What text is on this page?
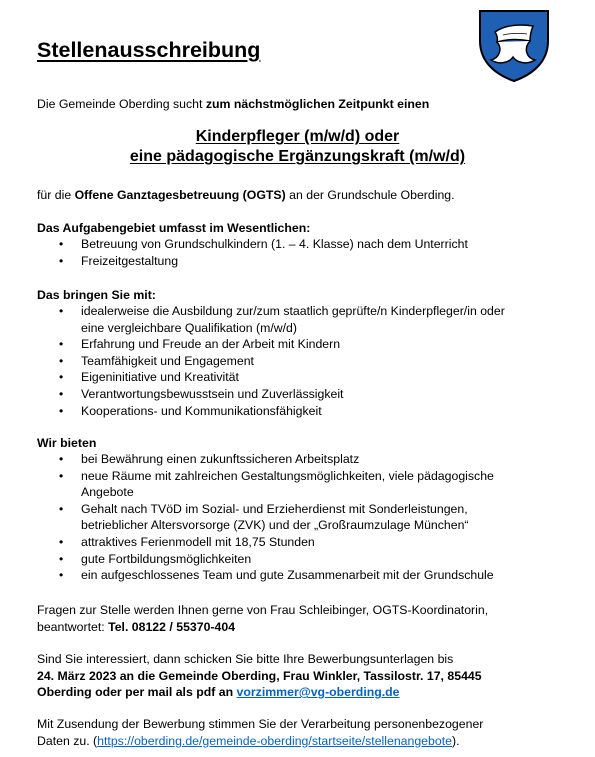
Stellenausschreibung

Die Gemeinde Oberding sucht zum nächstmöglichen Zeitpunkt einen

Kinderpfleger (m/w/d) oder

eine pädagogische Ergänzungskraft (m/w/d)

für die Offene Ganztagesbetreuung (OGTS) an der Grundschule Oberding.

Das Aufgabengebiet umfasst im Wesentlichen:

• Betreuung von Grundschulkindern (1. – 4. Klasse) nach dem Unterricht
• Freizeitgestaltung

Das bringen Sie mit:

• idealerweise die Ausbildung zur/zum staatlich geprüfte/n Kinderpfleger/in oder
eine vergleichbare Qualifikation (m/w/d)
• Erfahrung und Freude an der Arbeit mit Kindern
• Teamfähigkeit und Engagement
• Eigeninitiative und Kreativität
• Verantwortungsbewusstsein und Zuverlässigkeit
• Kooperations- und Kommunikationsfähigkeit

Wir bieten

• bei Bewährung einen zukunftssicheren Arbeitsplatz
• neue Räume mit zahlreichen Gestaltungsmöglichkeiten, viele pädagogische
Angebote
• Gehalt nach TVöD im Sozial- und Erzieherdienst mit Sonderleistungen,
betrieblicher Altersvorsorge (ZVK) und der „Großraumzulage München“
• attraktives Ferienmodell mit 18,75 Stunden
• gute Fortbildungsmöglichkeiten
• ein aufgeschlossenes Team und gute Zusammenarbeit mit der Grundschule

Fragen zur Stelle werden Ihnen gerne von Frau Schleibinger, OGTS-Koordinatorin,
beantwortet: Tel. 08122 / 55370-404

Sind Sie interessiert, dann schicken Sie bitte Ihre Bewerbungsunterlagen bis
24. März 2023 an die Gemeinde Oberding, Frau Winkler, Tassilostr. 17, 85445
Oberding oder per mail als pdf an vorzimmer@vg-oberding.de

Mit Zusendung der Bewerbung stimmen Sie der Verarbeitung personenbezogener
Daten zu. (https://oberding.de/gemeinde-oberding/startseite/stellenangebote).
